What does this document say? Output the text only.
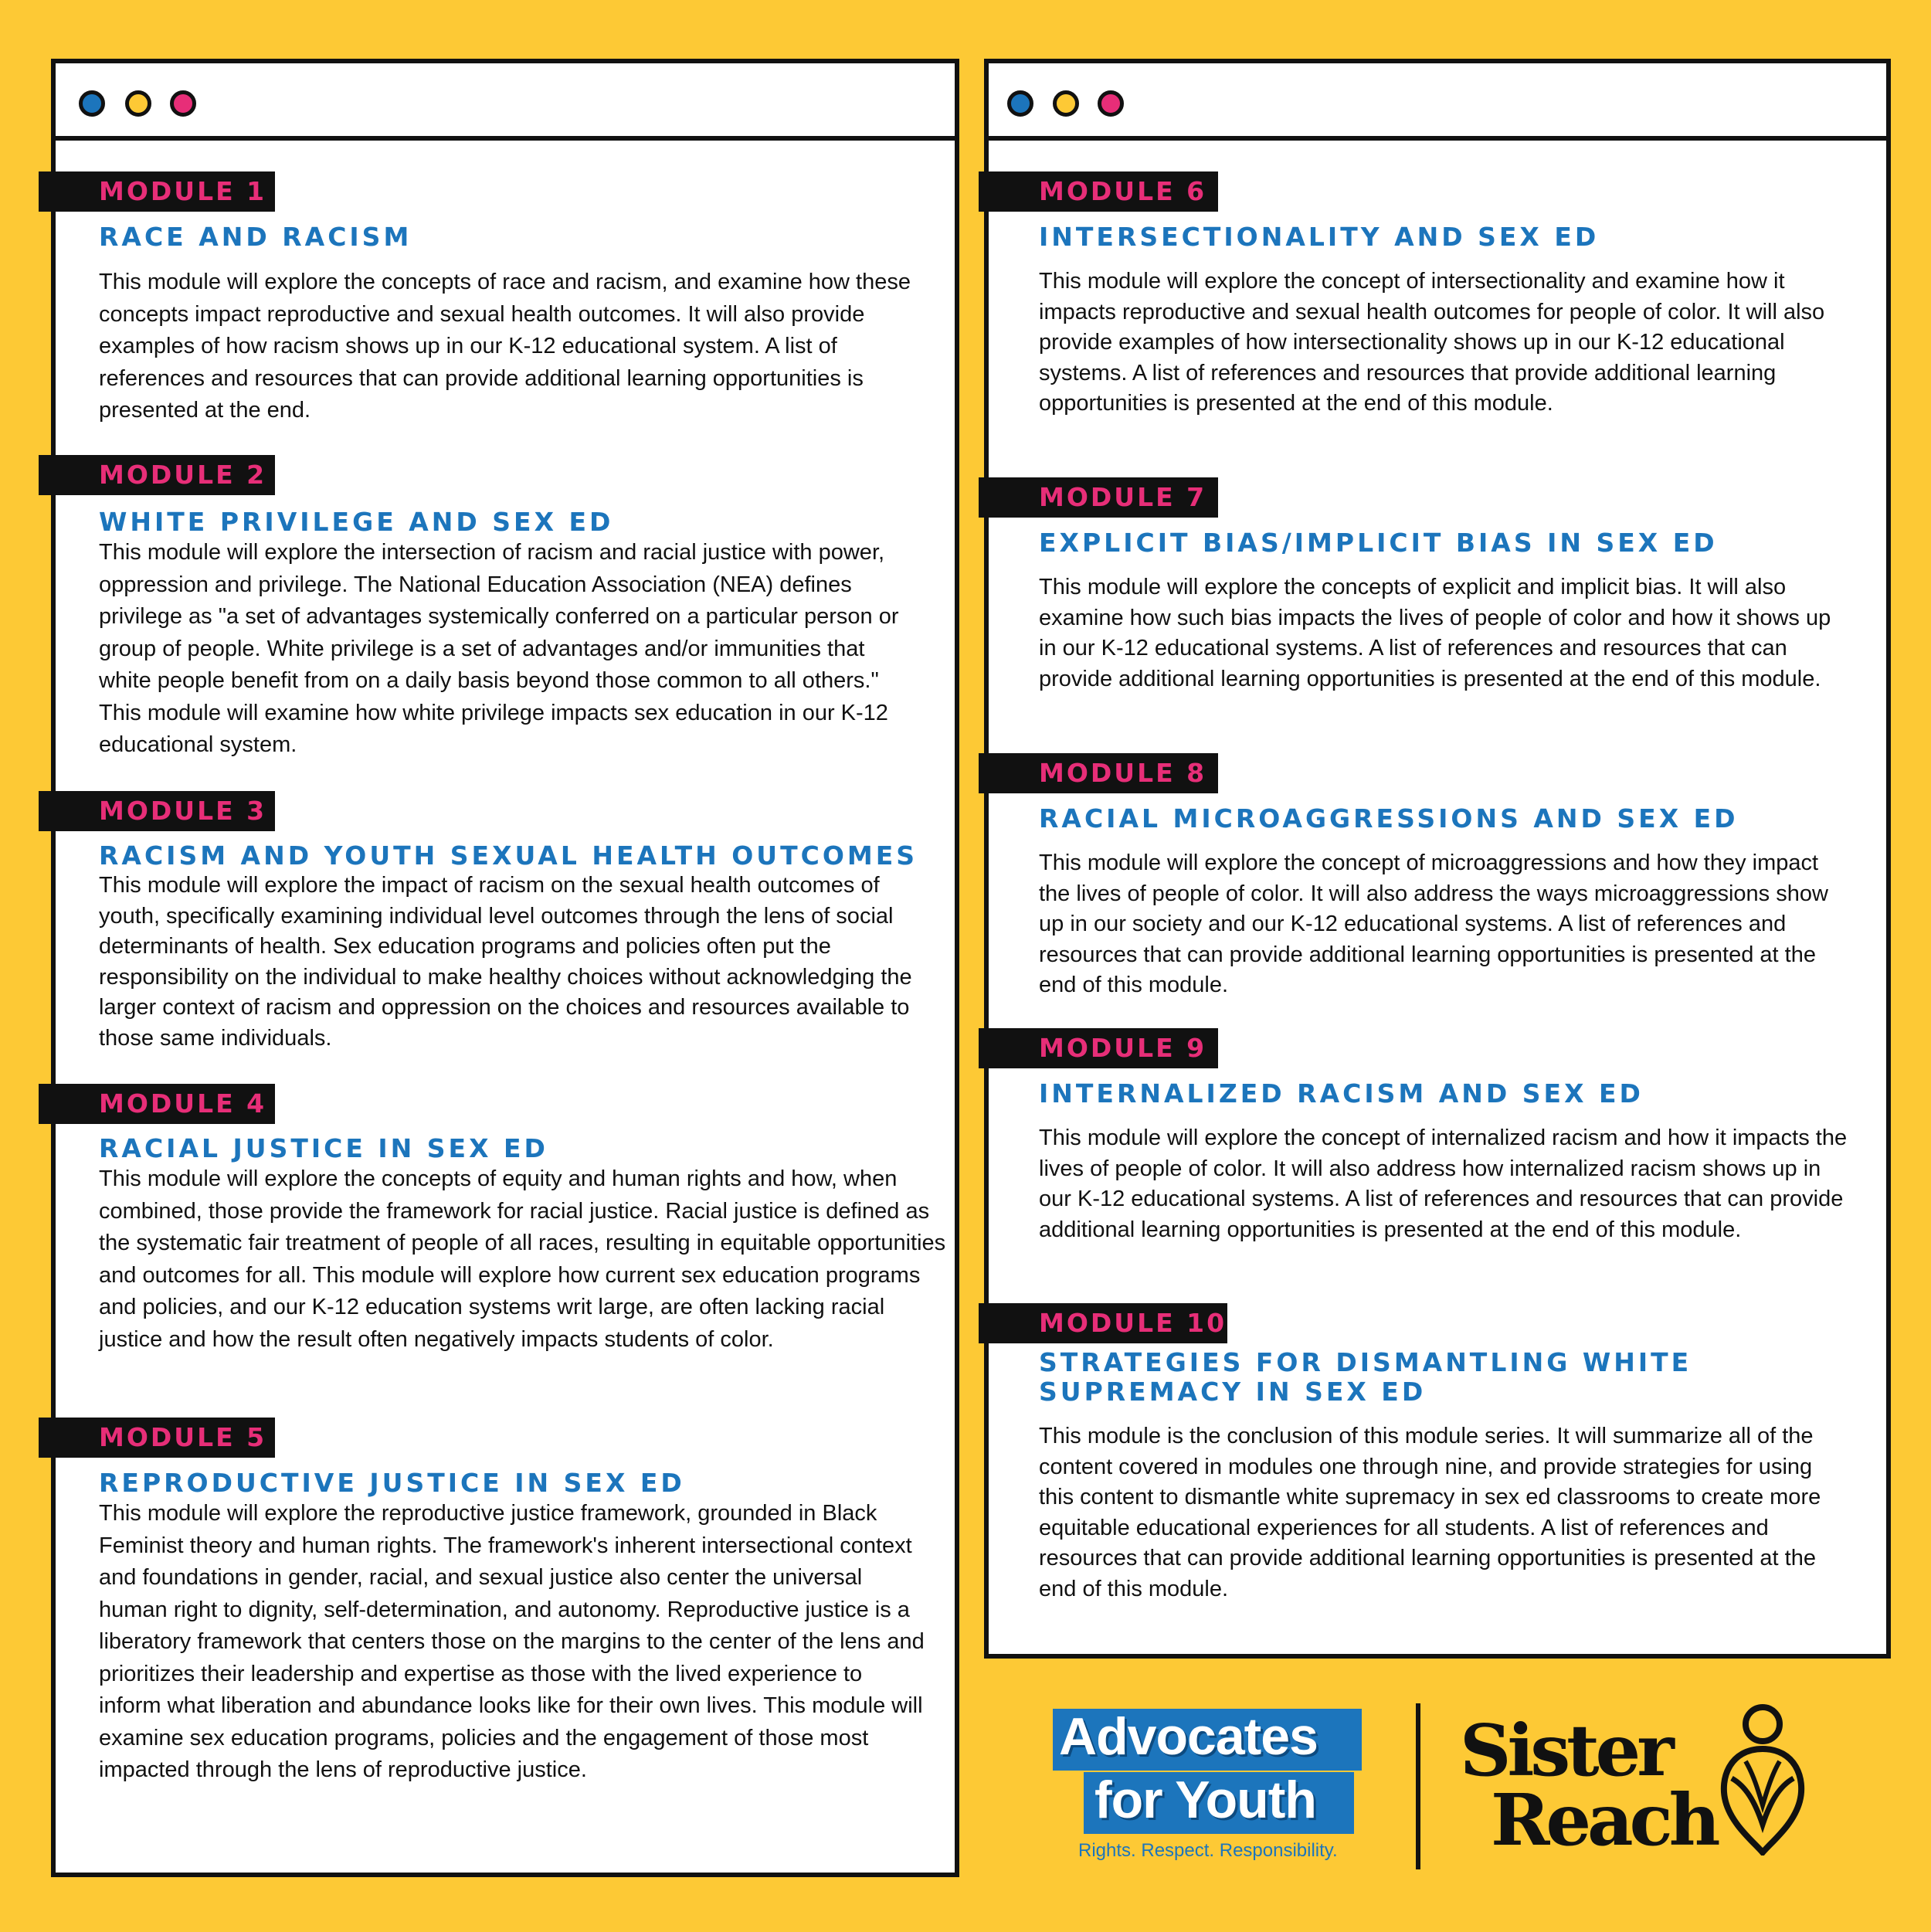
MODULE 1
RACE AND RACISM
This module will explore the concepts of race and racism, and examine how these concepts impact reproductive and sexual health outcomes. It will also provide examples of how racism shows up in our K-12 educational system. A list of references and resources that can provide additional learning opportunities is presented at the end.
MODULE 2
WHITE PRIVILEGE AND SEX ED
This module will explore the intersection of racism and racial justice with power, oppression and privilege. The National Education Association (NEA) defines privilege as "a set of advantages systemically conferred on a particular person or group of people. White privilege is a set of advantages and/or immunities that white people benefit from on a daily basis beyond those common to all others." This module will examine how white privilege impacts sex education in our K-12 educational system.
MODULE 3
RACISM AND YOUTH SEXUAL HEALTH OUTCOMES
This module will explore the impact of racism on the sexual health outcomes of youth, specifically examining individual level outcomes through the lens of social determinants of health. Sex education programs and policies often put the responsibility on the individual to make healthy choices without acknowledging the larger context of racism and oppression on the choices and resources available to those same individuals.
MODULE 4
RACIAL JUSTICE IN SEX ED
This module will explore the concepts of equity and human rights and how, when combined, those provide the framework for racial justice. Racial justice is defined as the systematic fair treatment of people of all races, resulting in equitable opportunities and outcomes for all. This module will explore how current sex education programs and policies, and our K-12 education systems writ large, are often lacking racial justice and how the result often negatively impacts students of color.
MODULE 5
REPRODUCTIVE JUSTICE IN SEX ED
This module will explore the reproductive justice framework, grounded in Black Feminist theory and human rights. The framework's inherent intersectional context and foundations in gender, racial, and sexual justice also center the universal human right to dignity, self-determination, and autonomy. Reproductive justice is a liberatory framework that centers those on the margins to the center of the lens and prioritizes their leadership and expertise as those with the lived experience to inform what liberation and abundance looks like for their own lives. This module will examine sex education programs, policies and the engagement of those most impacted through the lens of reproductive justice.
MODULE 6
INTERSECTIONALITY AND SEX ED
This module will explore the concept of intersectionality and examine how it impacts reproductive and sexual health outcomes for people of color. It will also provide examples of how intersectionality shows up in our K-12 educational systems. A list of references and resources that provide additional learning opportunities is presented at the end of this module.
MODULE 7
EXPLICIT BIAS/IMPLICIT BIAS IN SEX ED
This module will explore the concepts of explicit and implicit bias. It will also examine how such bias impacts the lives of people of color and how it shows up in our K-12 educational systems. A list of references and resources that can provide additional learning opportunities is presented at the end of this module.
MODULE 8
RACIAL MICROAGGRESSIONS AND SEX ED
This module will explore the concept of microaggressions and how they impact the lives of people of color. It will also address the ways microaggressions show up in our society and our K-12 educational systems. A list of references and resources that can provide additional learning opportunities is presented at the end of this module.
MODULE 9
INTERNALIZED RACISM AND SEX ED
This module will explore the concept of internalized racism and how it impacts the lives of people of color. It will also address how internalized racism shows up in our K-12 educational systems. A list of references and resources that can provide additional learning opportunities is presented at the end of this module.
MODULE 10
STRATEGIES FOR DISMANTLING WHITE
SUPREMACY IN SEX ED
This module is the conclusion of this module series. It will summarize all of the content covered in modules one through nine, and provide strategies for using this content to dismantle white supremacy in sex ed classrooms to create more equitable educational experiences for all students. A list of references and resources that can provide additional learning opportunities is presented at the end of this module.
Advocates
for Youth
Rights. Respect. Responsibility.
Sister
Reach
